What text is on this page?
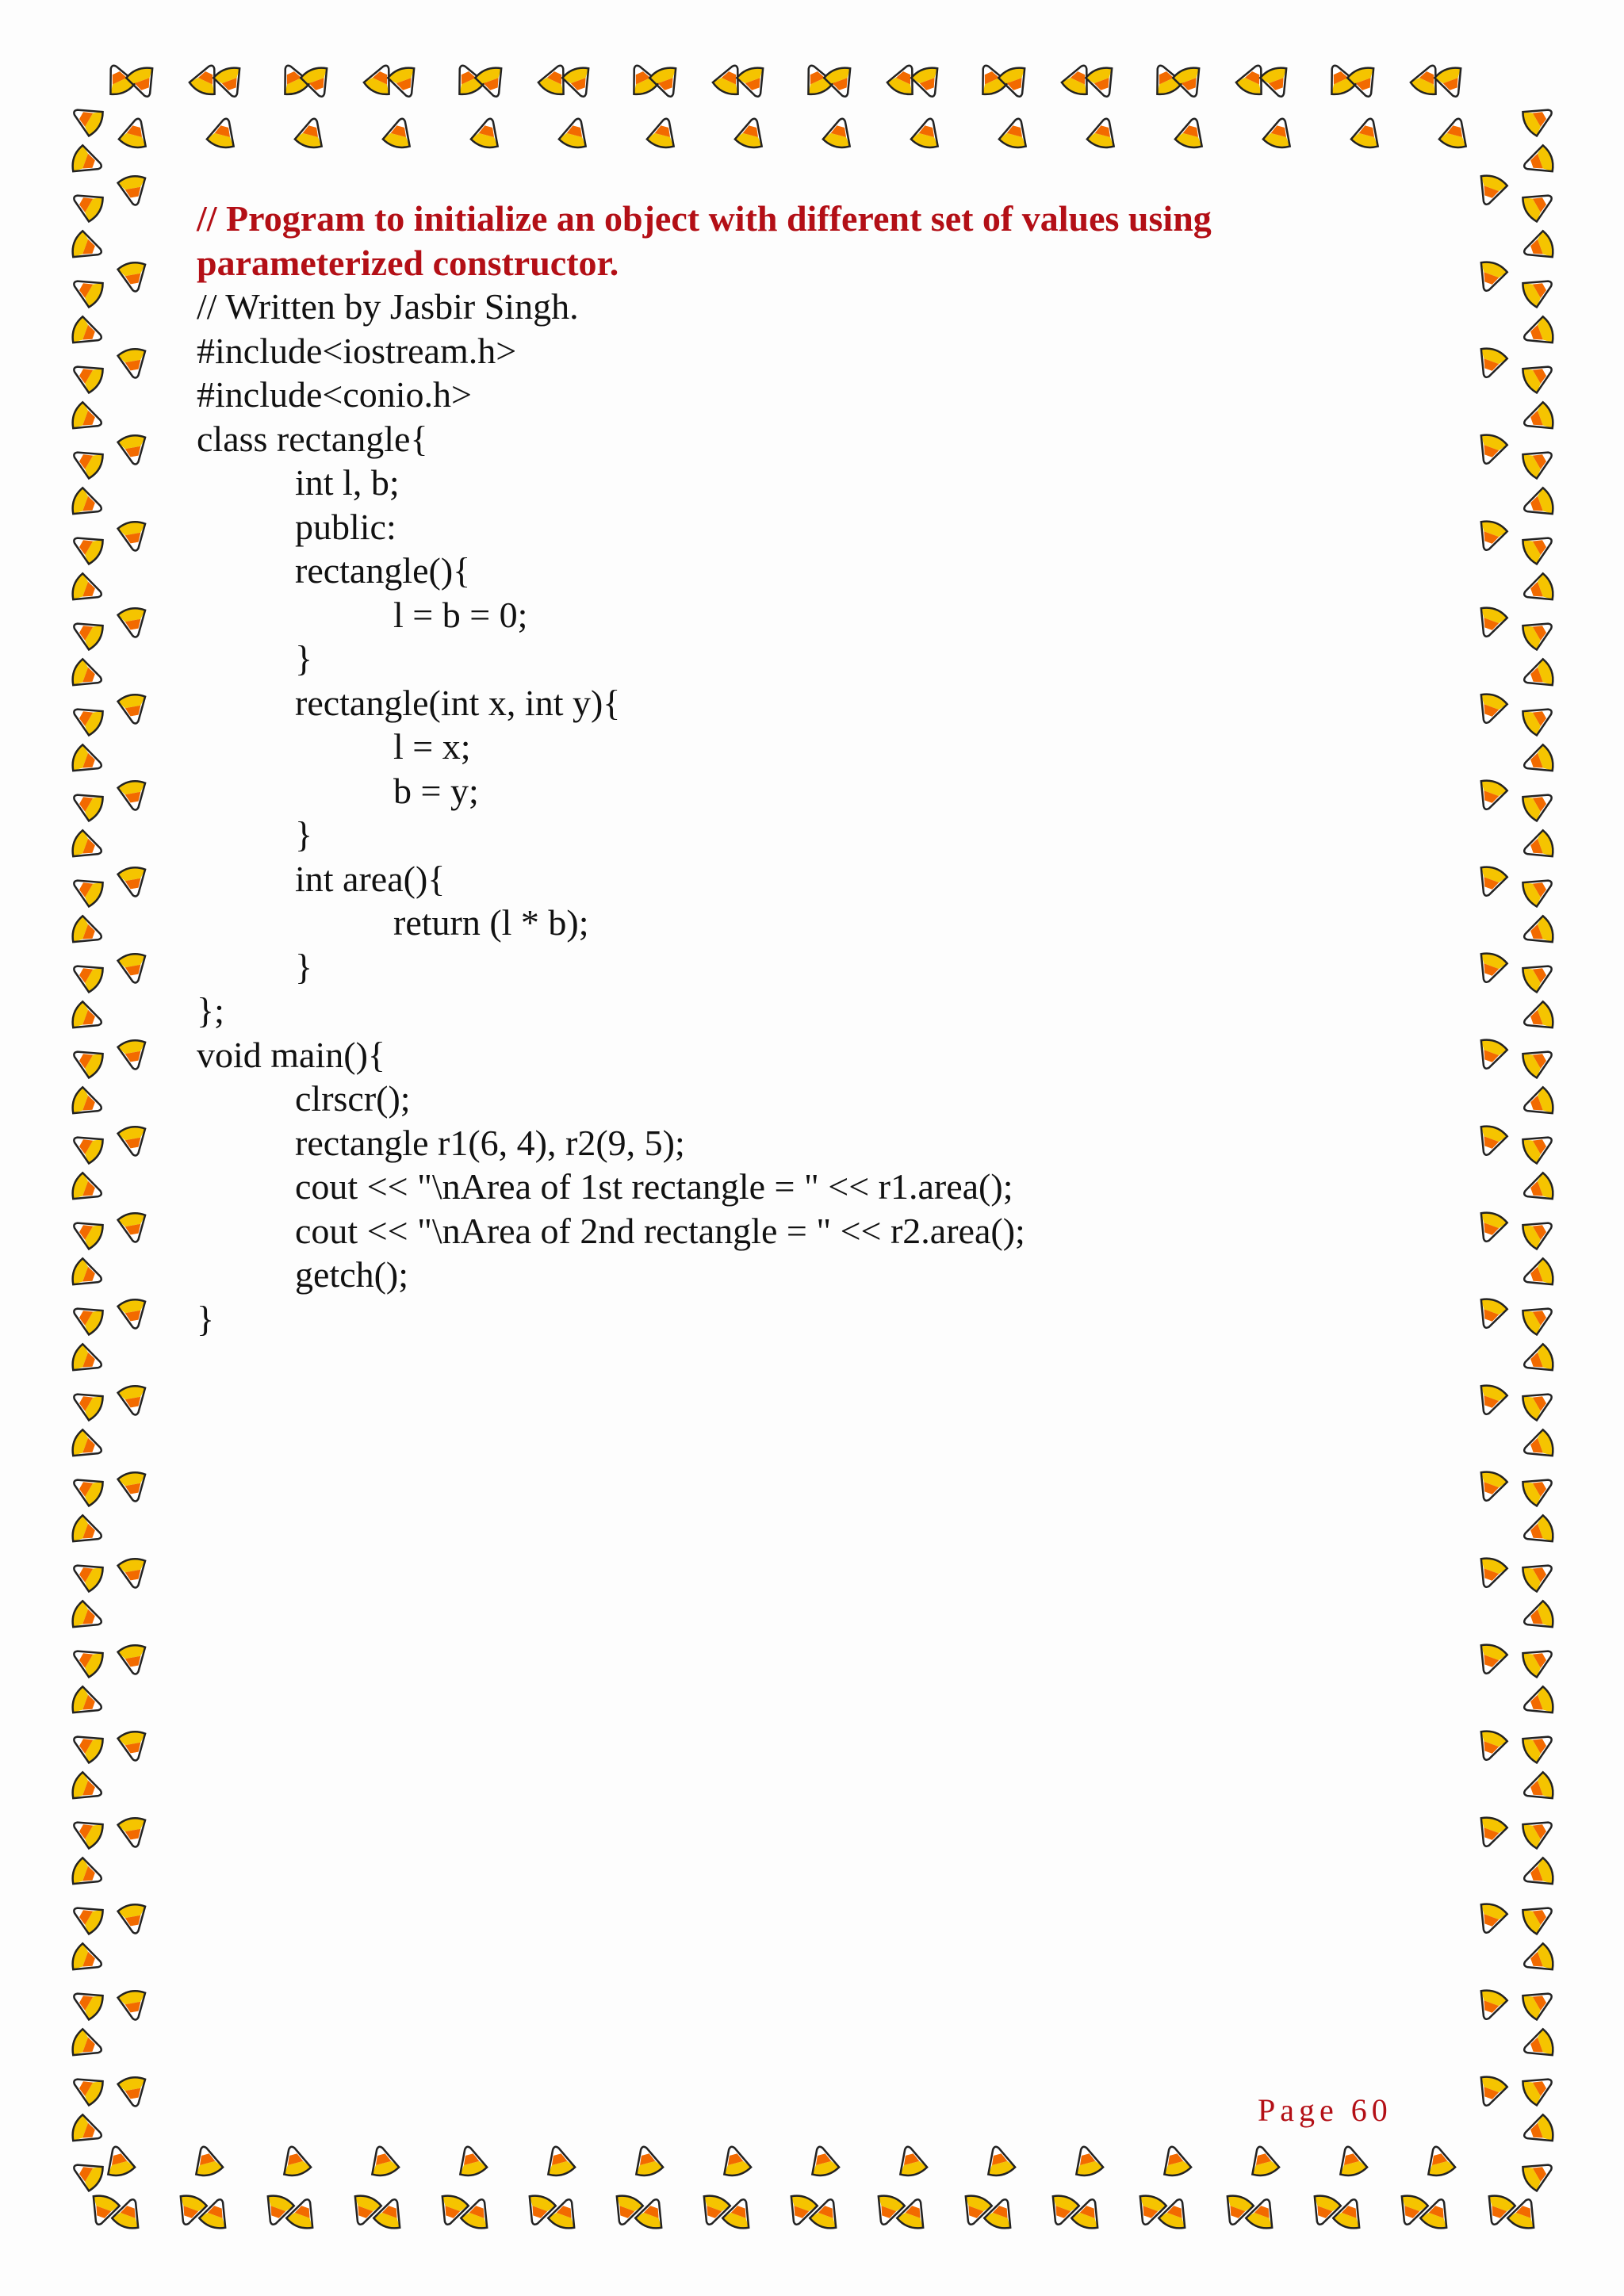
// Program to initialize an object with different set of values using parameterized constructor.

// Written by Jasbir Singh.
#include<iostream.h>
#include<conio.h>
class rectangle{
int l, b;
public:
rectangle(){
l = b = 0;
}
rectangle(int x, int y){
l = x;
b = y;
}
int area(){
return (l * b);
}
};
void main(){
clrscr();
rectangle r1(6, 4), r2(9, 5);
cout << "\nArea of 1st rectangle = " << r1.area();
cout << "\nArea of 2nd rectangle = " << r2.area();
getch();
}
Page 60
